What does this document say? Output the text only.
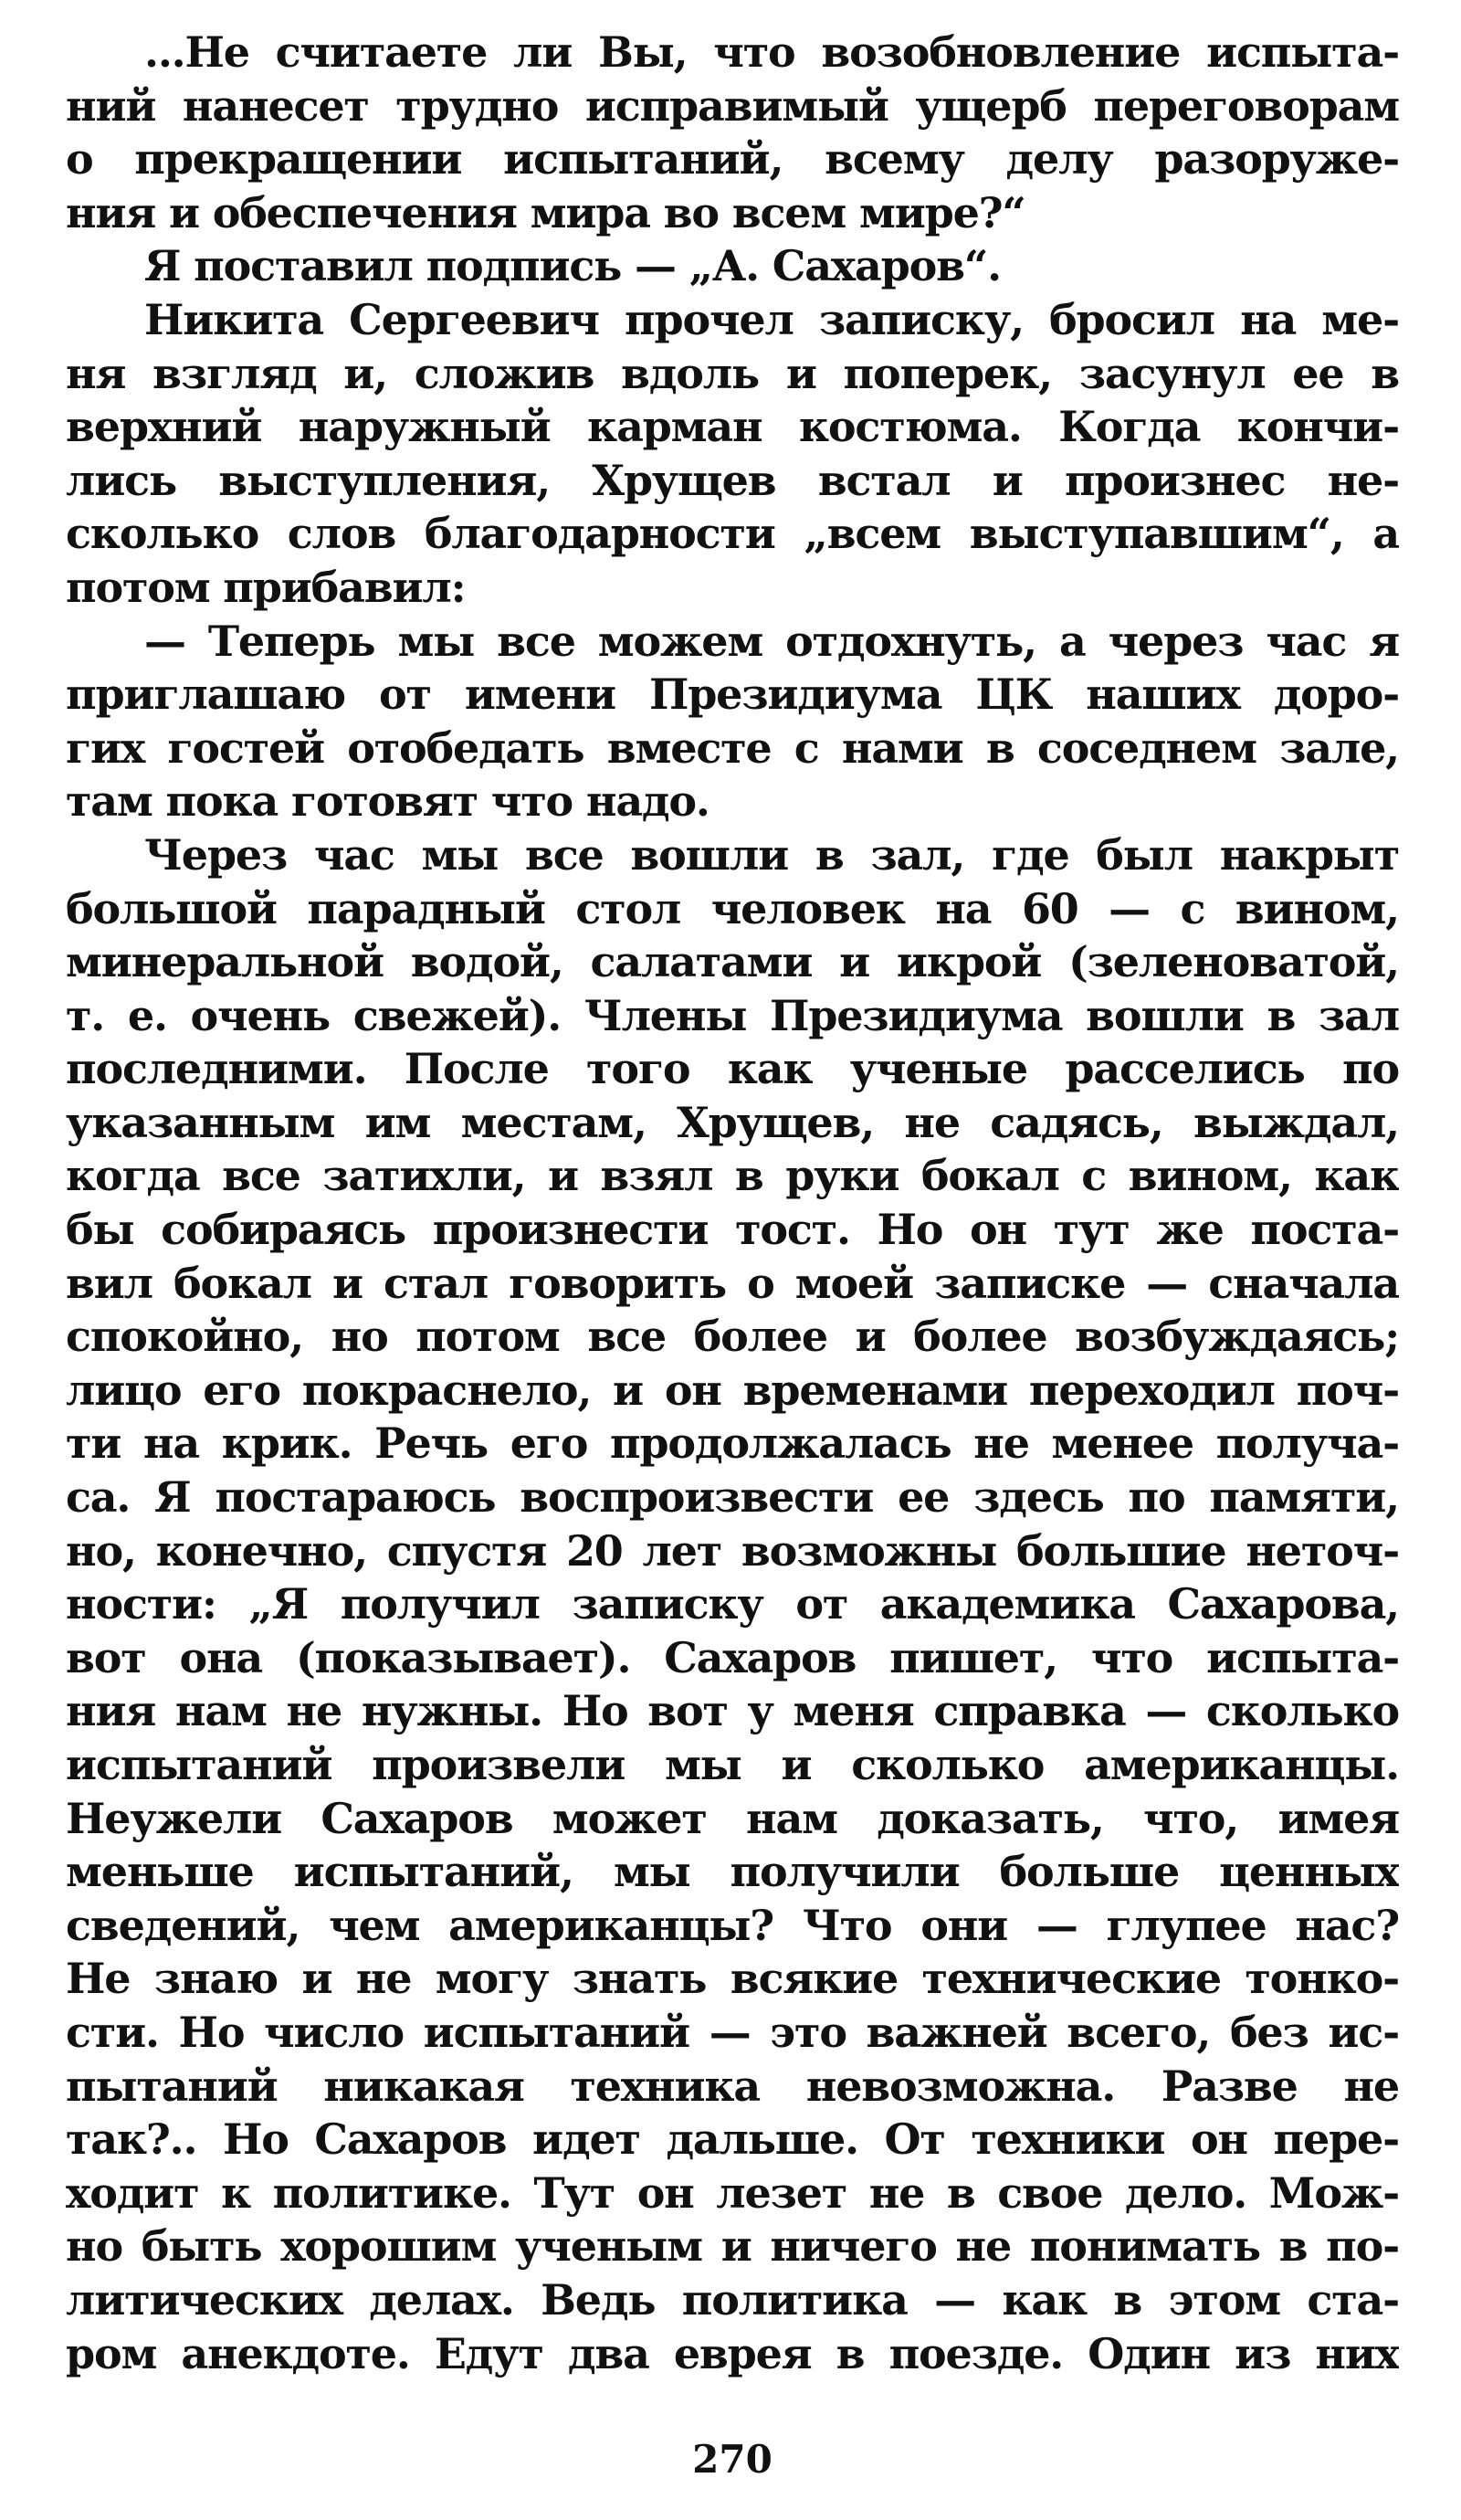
...Не считаете ли Вы, что возобновление испыта-
ний нанесет трудно исправимый ущерб переговорам
о прекращении испытаний, всему делу разоруже-
ния и обеспечения мира во всем мире?“
Я поставил подпись — „А. Сахаров“.
Никита Сергеевич прочел записку, бросил на ме-
ня взгляд и, сложив вдоль и поперек, засунул ее в
верхний наружный карман костюма. Когда кончи-
лись выступления, Хрущев встал и произнес не-
сколько слов благодарности „всем выступавшим“, а
потом прибавил:
— Теперь мы все можем отдохнуть, а через час я
приглашаю от имени Президиума ЦК наших доро-
гих гостей отобедать вместе с нами в соседнем зале,
там пока готовят что надо.
Через час мы все вошли в зал, где был накрыт
большой парадный стол человек на 60 — с вином,
минеральной водой, салатами и икрой (зеленоватой,
т. е. очень свежей). Члены Президиума вошли в зал
последними. После того как ученые расселись по
указанным им местам, Хрущев, не садясь, выждал,
когда все затихли, и взял в руки бокал с вином, как
бы собираясь произнести тост. Но он тут же поста-
вил бокал и стал говорить о моей записке — сначала
спокойно, но потом все более и более возбуждаясь;
лицо его покраснело, и он временами переходил поч-
ти на крик. Речь его продолжалась не менее получа-
са. Я постараюсь воспроизвести ее здесь по памяти,
но, конечно, спустя 20 лет возможны большие неточ-
ности: „Я получил записку от академика Сахарова,
вот она (показывает). Сахаров пишет, что испыта-
ния нам не нужны. Но вот у меня справка — сколько
испытаний произвели мы и сколько американцы.
Неужели Сахаров может нам доказать, что, имея
меньше испытаний, мы получили больше ценных
сведений, чем американцы? Что они — глупее нас?
Не знаю и не могу знать всякие технические тонко-
сти. Но число испытаний — это важней всего, без ис-
пытаний никакая техника невозможна. Разве не
так?.. Но Сахаров идет дальше. От техники он пере-
ходит к политике. Тут он лезет не в свое дело. Мож-
но быть хорошим ученым и ничего не понимать в по-
литических делах. Ведь политика — как в этом ста-
ром анекдоте. Едут два еврея в поезде. Один из них
270
